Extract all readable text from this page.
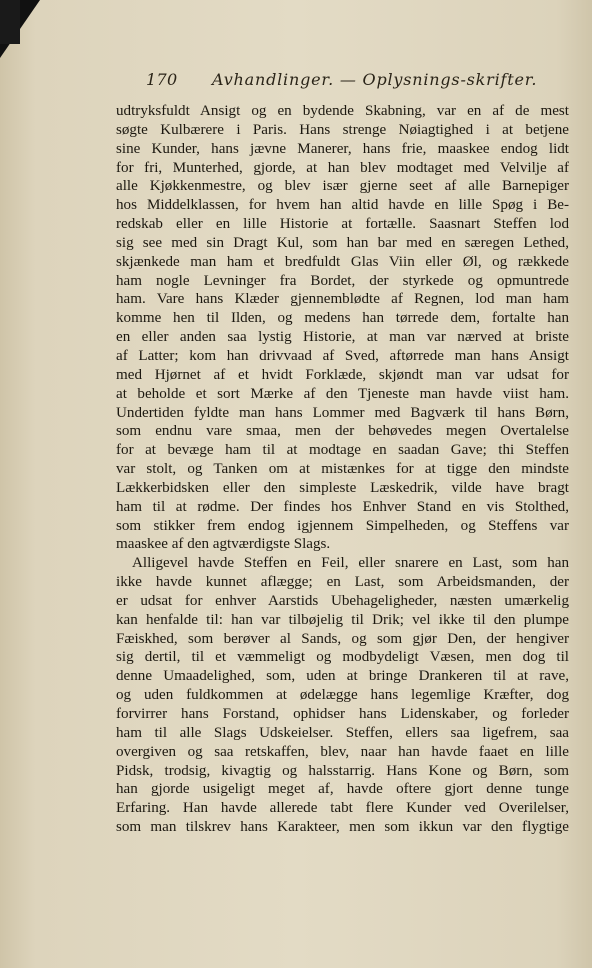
170 Avhandlinger. — Oplysnings-skrifter.
udtryksfuldt Ansigt og en bydende Skabning, var en af de mest
søgte Kulbærere i Paris. Hans strenge Nøiagtighed i at betjene
sine Kunder, hans jævne Manerer, hans frie, maaskee endog lidt
for fri, Munterhed, gjorde, at han blev modtaget med Velvilje af
alle Kjøkkenmestre, og blev især gjerne seet af alle Barnepiger
hos Middelklassen, for hvem han altid havde en lille Spøg i Be-
redskab eller en lille Historie at fortælle. Saasnart Steffen lod
sig see med sin Dragt Kul, som han bar med en særegen Lethed,
skjænkede man ham et bredfuldt Glas Viin eller Øl, og rækkede
ham nogle Levninger fra Bordet, der styrkede og opmuntrede
ham. Vare hans Klæder gjennemblødte af Regnen, lod man ham
komme hen til Ilden, og medens han tørrede dem, fortalte han
en eller anden saa lystig Historie, at man var nærved at briste
af Latter; kom han drivvaad af Sved, aftørrede man hans Ansigt
med Hjørnet af et hvidt Forklæde, skjøndt man var udsat for
at beholde et sort Mærke af den Tjeneste man havde viist ham.
Undertiden fyldte man hans Lommer med Bagværk til hans Børn,
som endnu vare smaa, men der behøvedes megen Overtalelse
for at bevæge ham til at modtage en saadan Gave; thi Steffen
var stolt, og Tanken om at mistænkes for at tigge den mindste
Lækkerbidsken eller den simpleste Læskedrik, vilde have bragt
ham til at rødme. Der findes hos Enhver Stand en vis Stolthed,
som stikker frem endog igjennem Simpelheden, og Steffens var
maaskee af den agtværdigste Slags.
Alligevel havde Steffen en Feil, eller snarere en Last, som han
ikke havde kunnet aflægge; en Last, som Arbeidsmanden, der
er udsat for enhver Aarstids Ubehageligheder, næsten umærkelig
kan henfalde til: han var tilbøjelig til Drik; vel ikke til den plumpe
Fæiskhed, som berøver al Sands, og som gjør Den, der hengiver
sig dertil, til et væmmeligt og modbydeligt Væsen, men dog til
denne Umaadelighed, som, uden at bringe Drankeren til at rave,
og uden fuldkommen at ødelægge hans legemlige Kræfter, dog
forvirrer hans Forstand, ophidser hans Lidenskaber, og forleder
ham til alle Slags Udskeielser. Steffen, ellers saa ligefrem, saa
overgiven og saa retskaffen, blev, naar han havde faaet en lille
Pidsk, trodsig, kivagtig og halsstarrig. Hans Kone og Børn, som
han gjorde usigeligt meget af, havde oftere gjort denne tunge
Erfaring. Han havde allerede tabt flere Kunder ved Overilelser,
som man tilskrev hans Karakteer, men som ikkun var den flygtige
